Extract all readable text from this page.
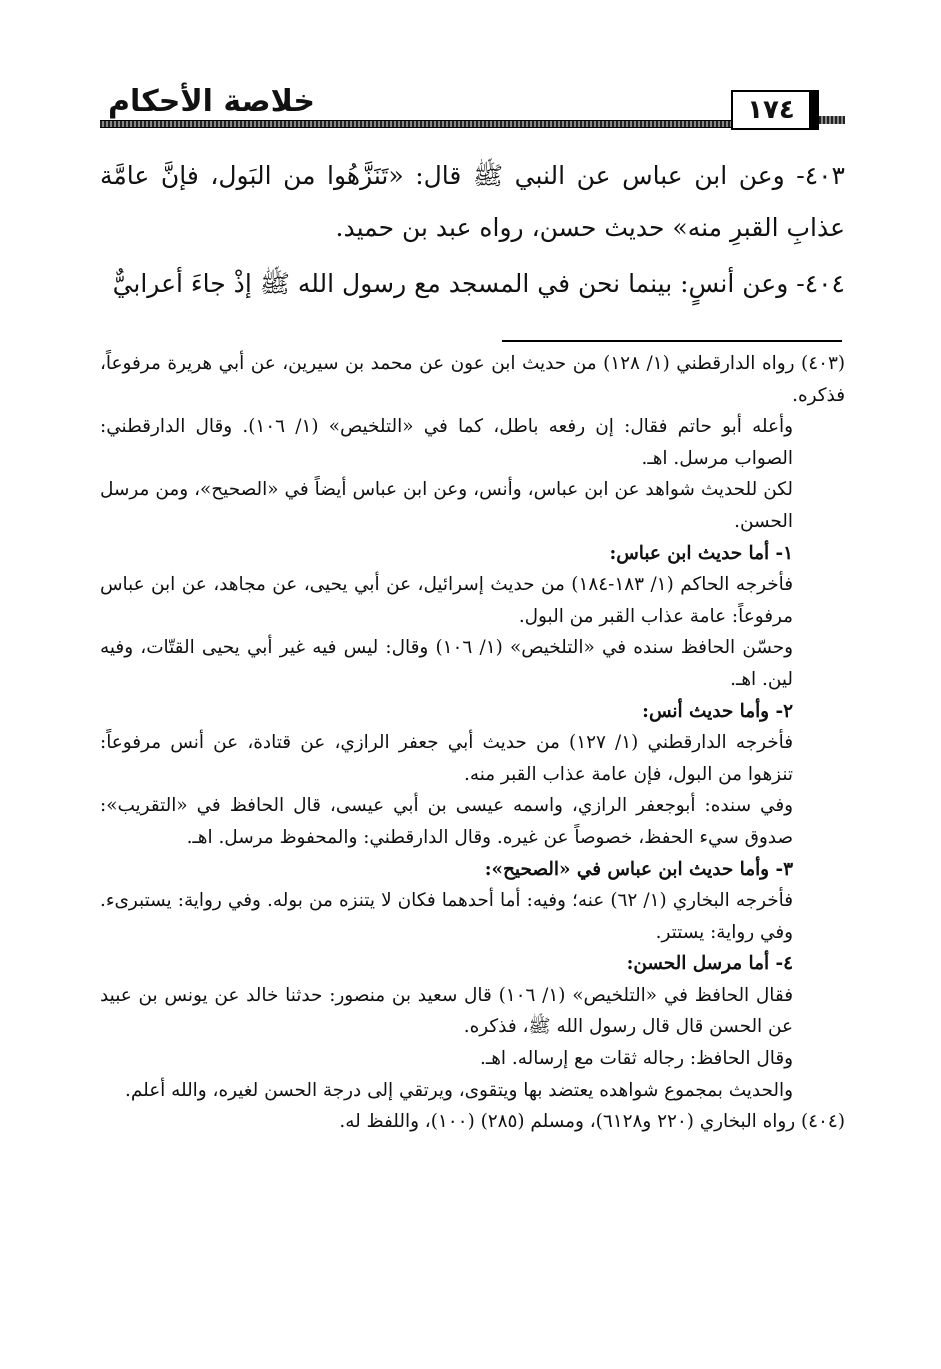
خلاصة الأحكام	١٧٤

٤٠٣- وعن ابن عباس عن النبي ﷺ قال: «تَنَزَّهُوا من البَول، فإنَّ عامَّة عذابِ القبرِ منه» حديث حسن، رواه عبد بن حميد.

٤٠٤- وعن أنسٍ: بينما نحن في المسجد مع رسول الله ﷺ إذْ جاءَ أعرابيٌّ

(٤٠٣) رواه الدارقطني (١/ ١٢٨) من حديث ابن عون عن محمد بن سيرين، عن أبي هريرة مرفوعاً، فذكره.

وأعله أبو حاتم فقال: إن رفعه باطل، كما في «التلخيص» (١/ ١٠٦). وقال الدارقطني: الصواب مرسل. اهـ.

لكن للحديث شواهد عن ابن عباس، وأنس، وعن ابن عباس أيضاً في «الصحيح»، ومن مرسل الحسن.

١- أما حديث ابن عباس:

فأخرجه الحاكم (١/ ١٨٣-١٨٤) من حديث إسرائيل، عن أبي يحيى، عن مجاهد، عن ابن عباس مرفوعاً: عامة عذاب القبر من البول.

وحسّن الحافظ سنده في «التلخيص» (١/ ١٠٦) وقال: ليس فيه غير أبي يحيى القتّات، وفيه لين. اهـ.

٢- وأما حديث أنس:

فأخرجه الدارقطني (١/ ١٢٧) من حديث أبي جعفر الرازي، عن قتادة، عن أنس مرفوعاً: تنزهوا من البول، فإن عامة عذاب القبر منه.

وفي سنده: أبوجعفر الرازي، واسمه عيسى بن أبي عيسى، قال الحافظ في «التقريب»: صدوق سيء الحفظ، خصوصاً عن غيره. وقال الدارقطني: والمحفوظ مرسل. اهـ.

٣- وأما حديث ابن عباس في «الصحيح»:

فأخرجه البخاري (١/ ٦٢) عنه؛ وفيه: أما أحدهما فكان لا يتنزه من بوله. وفي رواية: يستبرىء. وفي رواية: يستتر.

٤- أما مرسل الحسن:

فقال الحافظ في «التلخيص» (١/ ١٠٦) قال سعيد بن منصور: حدثنا خالد عن يونس بن عبيد عن الحسن قال قال رسول الله ﷺ، فذكره.

وقال الحافظ: رجاله ثقات مع إرساله. اهـ.

والحديث بمجموع شواهده يعتضد بها ويتقوى، ويرتقي إلى درجة الحسن لغيره، والله أعلم.

(٤٠٤) رواه البخاري (٢٢٠ و٦١٢٨)، ومسلم (٢٨٥) (١٠٠)، واللفظ له.
